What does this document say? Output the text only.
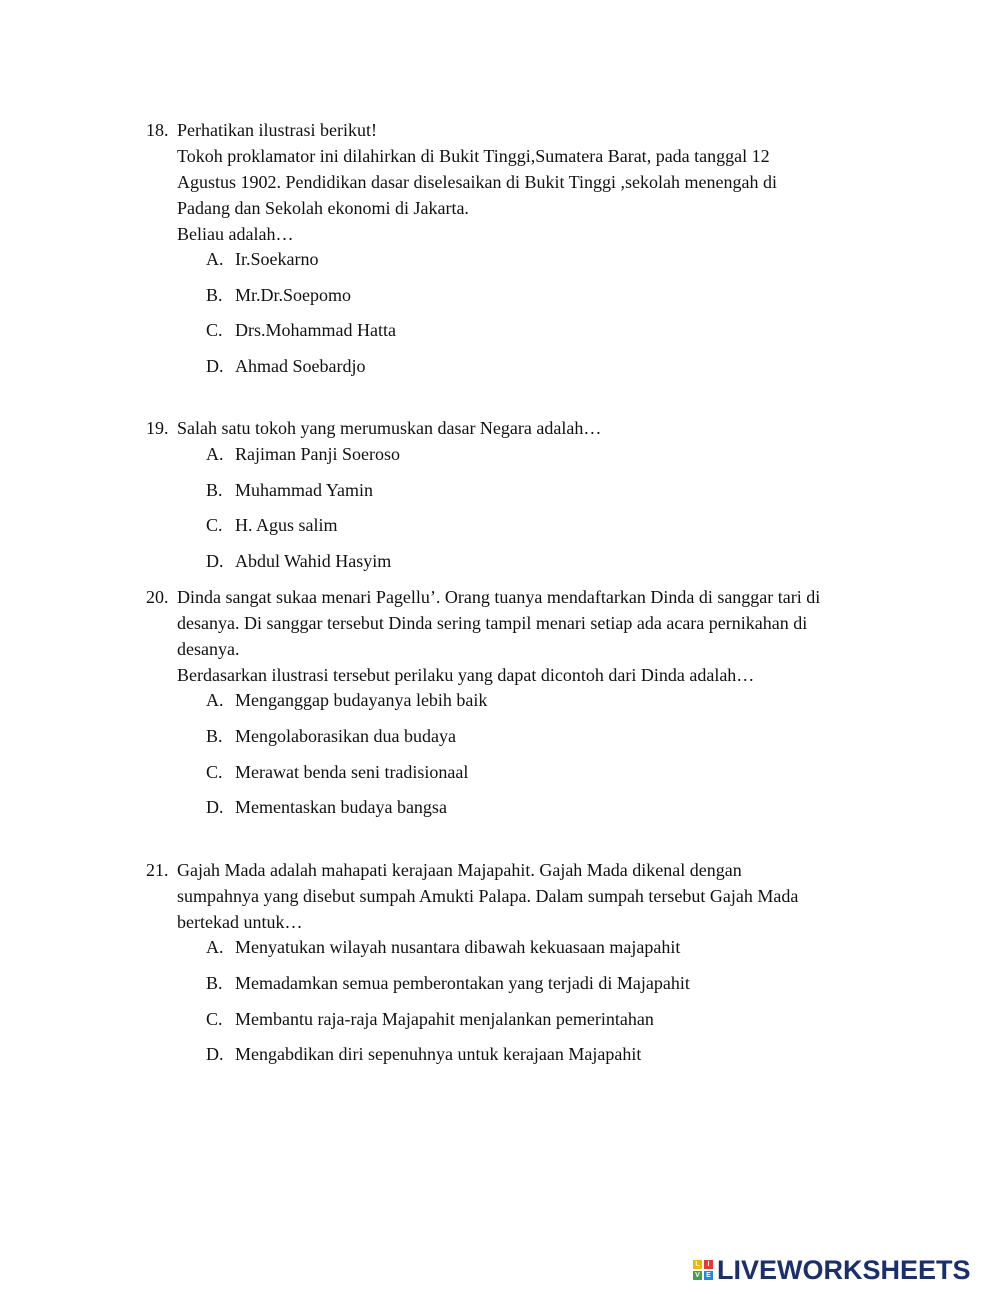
18. Perhatikan ilustrasi berikut!
Tokoh proklamator ini dilahirkan di Bukit Tinggi,Sumatera Barat, pada tanggal 12
Agustus 1902. Pendidikan dasar diselesaikan di Bukit Tinggi ,sekolah menengah di
Padang dan Sekolah ekonomi di Jakarta.
Beliau adalah…
A. Ir.Soekarno
B. Mr.Dr.Soepomo
C. Drs.Mohammad Hatta
D. Ahmad Soebardjo
19. Salah satu tokoh yang merumuskan dasar Negara adalah…
A. Rajiman Panji Soeroso
B. Muhammad Yamin
C. H. Agus salim
D. Abdul Wahid Hasyim
20. Dinda sangat sukaa menari Pagellu’. Orang tuanya mendaftarkan Dinda di sanggar tari di
desanya. Di sanggar tersebut Dinda sering tampil menari setiap ada acara pernikahan di
desanya.
Berdasarkan ilustrasi tersebut perilaku yang dapat dicontoh dari Dinda adalah…
A. Menganggap budayanya lebih baik
B. Mengolaborasikan dua budaya
C. Merawat benda seni tradisionaal
D. Mementaskan budaya bangsa
21. Gajah Mada adalah mahapati kerajaan Majapahit. Gajah Mada dikenal dengan
sumpahnya yang disebut sumpah Amukti Palapa. Dalam sumpah tersebut Gajah Mada
bertekad untuk…
A. Menyatukan wilayah nusantara dibawah kekuasaan majapahit
B. Memadamkan semua pemberontakan yang terjadi di Majapahit
C. Membantu raja-raja Majapahit menjalankan pemerintahan
D. Mengabdikan diri sepenuhnya untuk kerajaan Majapahit
L	I
V E LIVEWORKSHEETS
